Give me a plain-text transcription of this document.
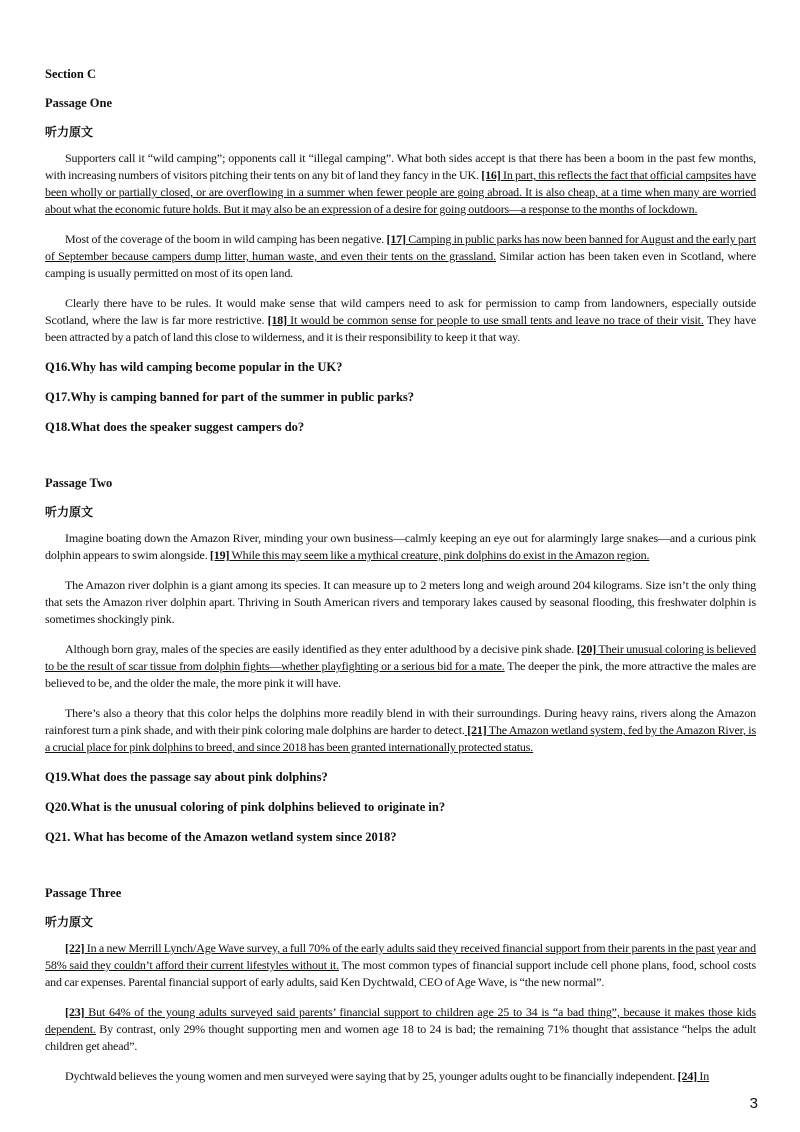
Section C
Passage One
听力原文
Supporters call it “wild camping”; opponents call it “illegal camping”. What both sides accept is that there has been a boom in the past few months, with increasing numbers of visitors pitching their tents on any bit of land they fancy in the UK. [16] In part, this reflects the fact that official campsites have been wholly or partially closed, or are overflowing in a summer when fewer people are going abroad. It is also cheap, at a time when many are worried about what the economic future holds. But it may also be an expression of a desire for going outdoors—a response to the months of lockdown.
Most of the coverage of the boom in wild camping has been negative. [17] Camping in public parks has now been banned for August and the early part of September because campers dump litter, human waste, and even their tents on the grassland. Similar action has been taken even in Scotland, where camping is usually permitted on most of its open land.
Clearly there have to be rules. It would make sense that wild campers need to ask for permission to camp from landowners, especially outside Scotland, where the law is far more restrictive. [18] It would be common sense for people to use small tents and leave no trace of their visit. They have been attracted by a patch of land this close to wilderness, and it is their responsibility to keep it that way.
Q16.Why has wild camping become popular in the UK?
Q17.Why is camping banned for part of the summer in public parks?
Q18.What does the speaker suggest campers do?
Passage Two
听力原文
Imagine boating down the Amazon River, minding your own business—calmly keeping an eye out for alarmingly large snakes—and a curious pink dolphin appears to swim alongside. [19] While this may seem like a mythical creature, pink dolphins do exist in the Amazon region.
The Amazon river dolphin is a giant among its species. It can measure up to 2 meters long and weigh around 204 kilograms. Size isn’t the only thing that sets the Amazon river dolphin apart. Thriving in South American rivers and temporary lakes caused by seasonal flooding, this freshwater dolphin is sometimes shockingly pink.
Although born gray, males of the species are easily identified as they enter adulthood by a decisive pink shade. [20] Their unusual coloring is believed to be the result of scar tissue from dolphin fights—whether playfighting or a serious bid for a mate. The deeper the pink, the more attractive the males are believed to be, and the older the male, the more pink it will have.
There’s also a theory that this color helps the dolphins more readily blend in with their surroundings. During heavy rains, rivers along the Amazon rainforest turn a pink shade, and with their pink coloring male dolphins are harder to detect. [21] The Amazon wetland system, fed by the Amazon River, is a crucial place for pink dolphins to breed, and since 2018 has been granted internationally protected status.
Q19.What does the passage say about pink dolphins?
Q20.What is the unusual coloring of pink dolphins believed to originate in?
Q21. What has become of the Amazon wetland system since 2018?
Passage Three
听力原文
[22] In a new Merrill Lynch/Age Wave survey, a full 70% of the early adults said they received financial support from their parents in the past year and 58% said they couldn’t afford their current lifestyles without it. The most common types of financial support include cell phone plans, food, school costs and car expenses. Parental financial support of early adults, said Ken Dychtwald, CEO of Age Wave, is “the new normal”.
[23] But 64% of the young adults surveyed said parents’ financial support to children age 25 to 34 is “a bad thing”, because it makes those kids dependent. By contrast, only 29% thought supporting men and women age 18 to 24 is bad; the remaining 71% thought that assistance “helps the adult children get ahead”.
Dychtwald believes the young women and men surveyed were saying that by 25, younger adults ought to be financially independent. [24] In
3
